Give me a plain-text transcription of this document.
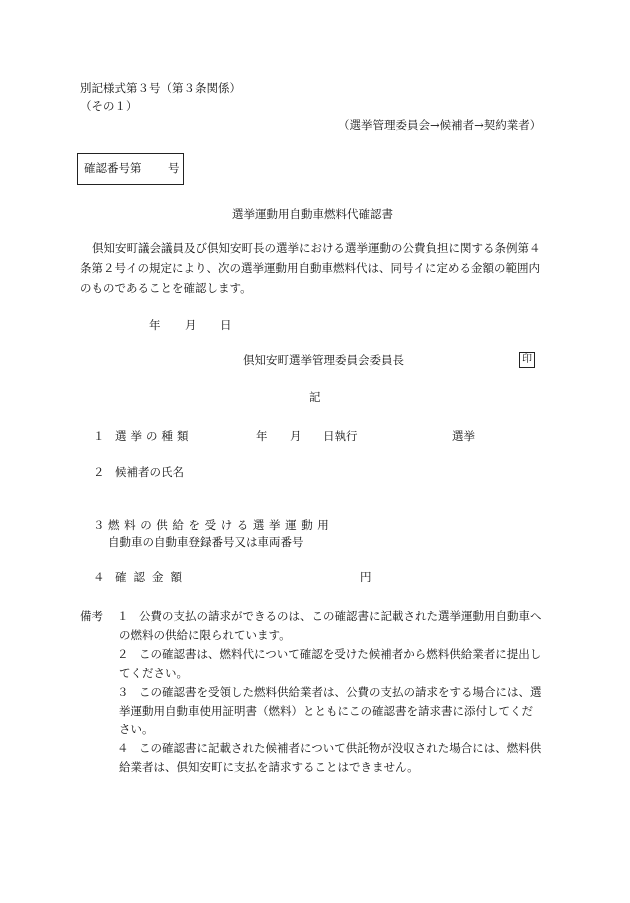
別記様式第３号（第３条関係）
（その１）
（選挙管理委員会→候補者→契約業者）
確認番号第 号
選挙運動用自動車燃料代確認書
倶知安町議会議員及び倶知安町長の選挙における選挙運動の公費負担に関する条例第４
条第２号イの規定により、次の選挙運動用自動車燃料代は、同号イに定める金額の範囲内
のものであることを確認します。
年 月 日
倶知安町選挙管理委員会委員長	印
記
１ 選挙の種類	年 月 日執行	選挙
２ 候補者の氏名
３ 燃料の供給を受ける選挙運動用
自動車の自動車登録番号又は車両番号
４ 確認金額	円
備考 １ 公費の支払の請求ができるのは、この確認書に記載された選挙運動用自動車へ
の燃料の供給に限られています。
２ この確認書は、燃料代について確認を受けた候補者から燃料供給業者に提出し
てください。
３ この確認書を受領した燃料供給業者は、公費の支払の請求をする場合には、選
挙運動用自動車使用証明書（燃料）とともにこの確認書を請求書に添付してくだ
さい。
４ この確認書に記載された候補者について供託物が没収された場合には、燃料供
給業者は、倶知安町に支払を請求することはできません。
